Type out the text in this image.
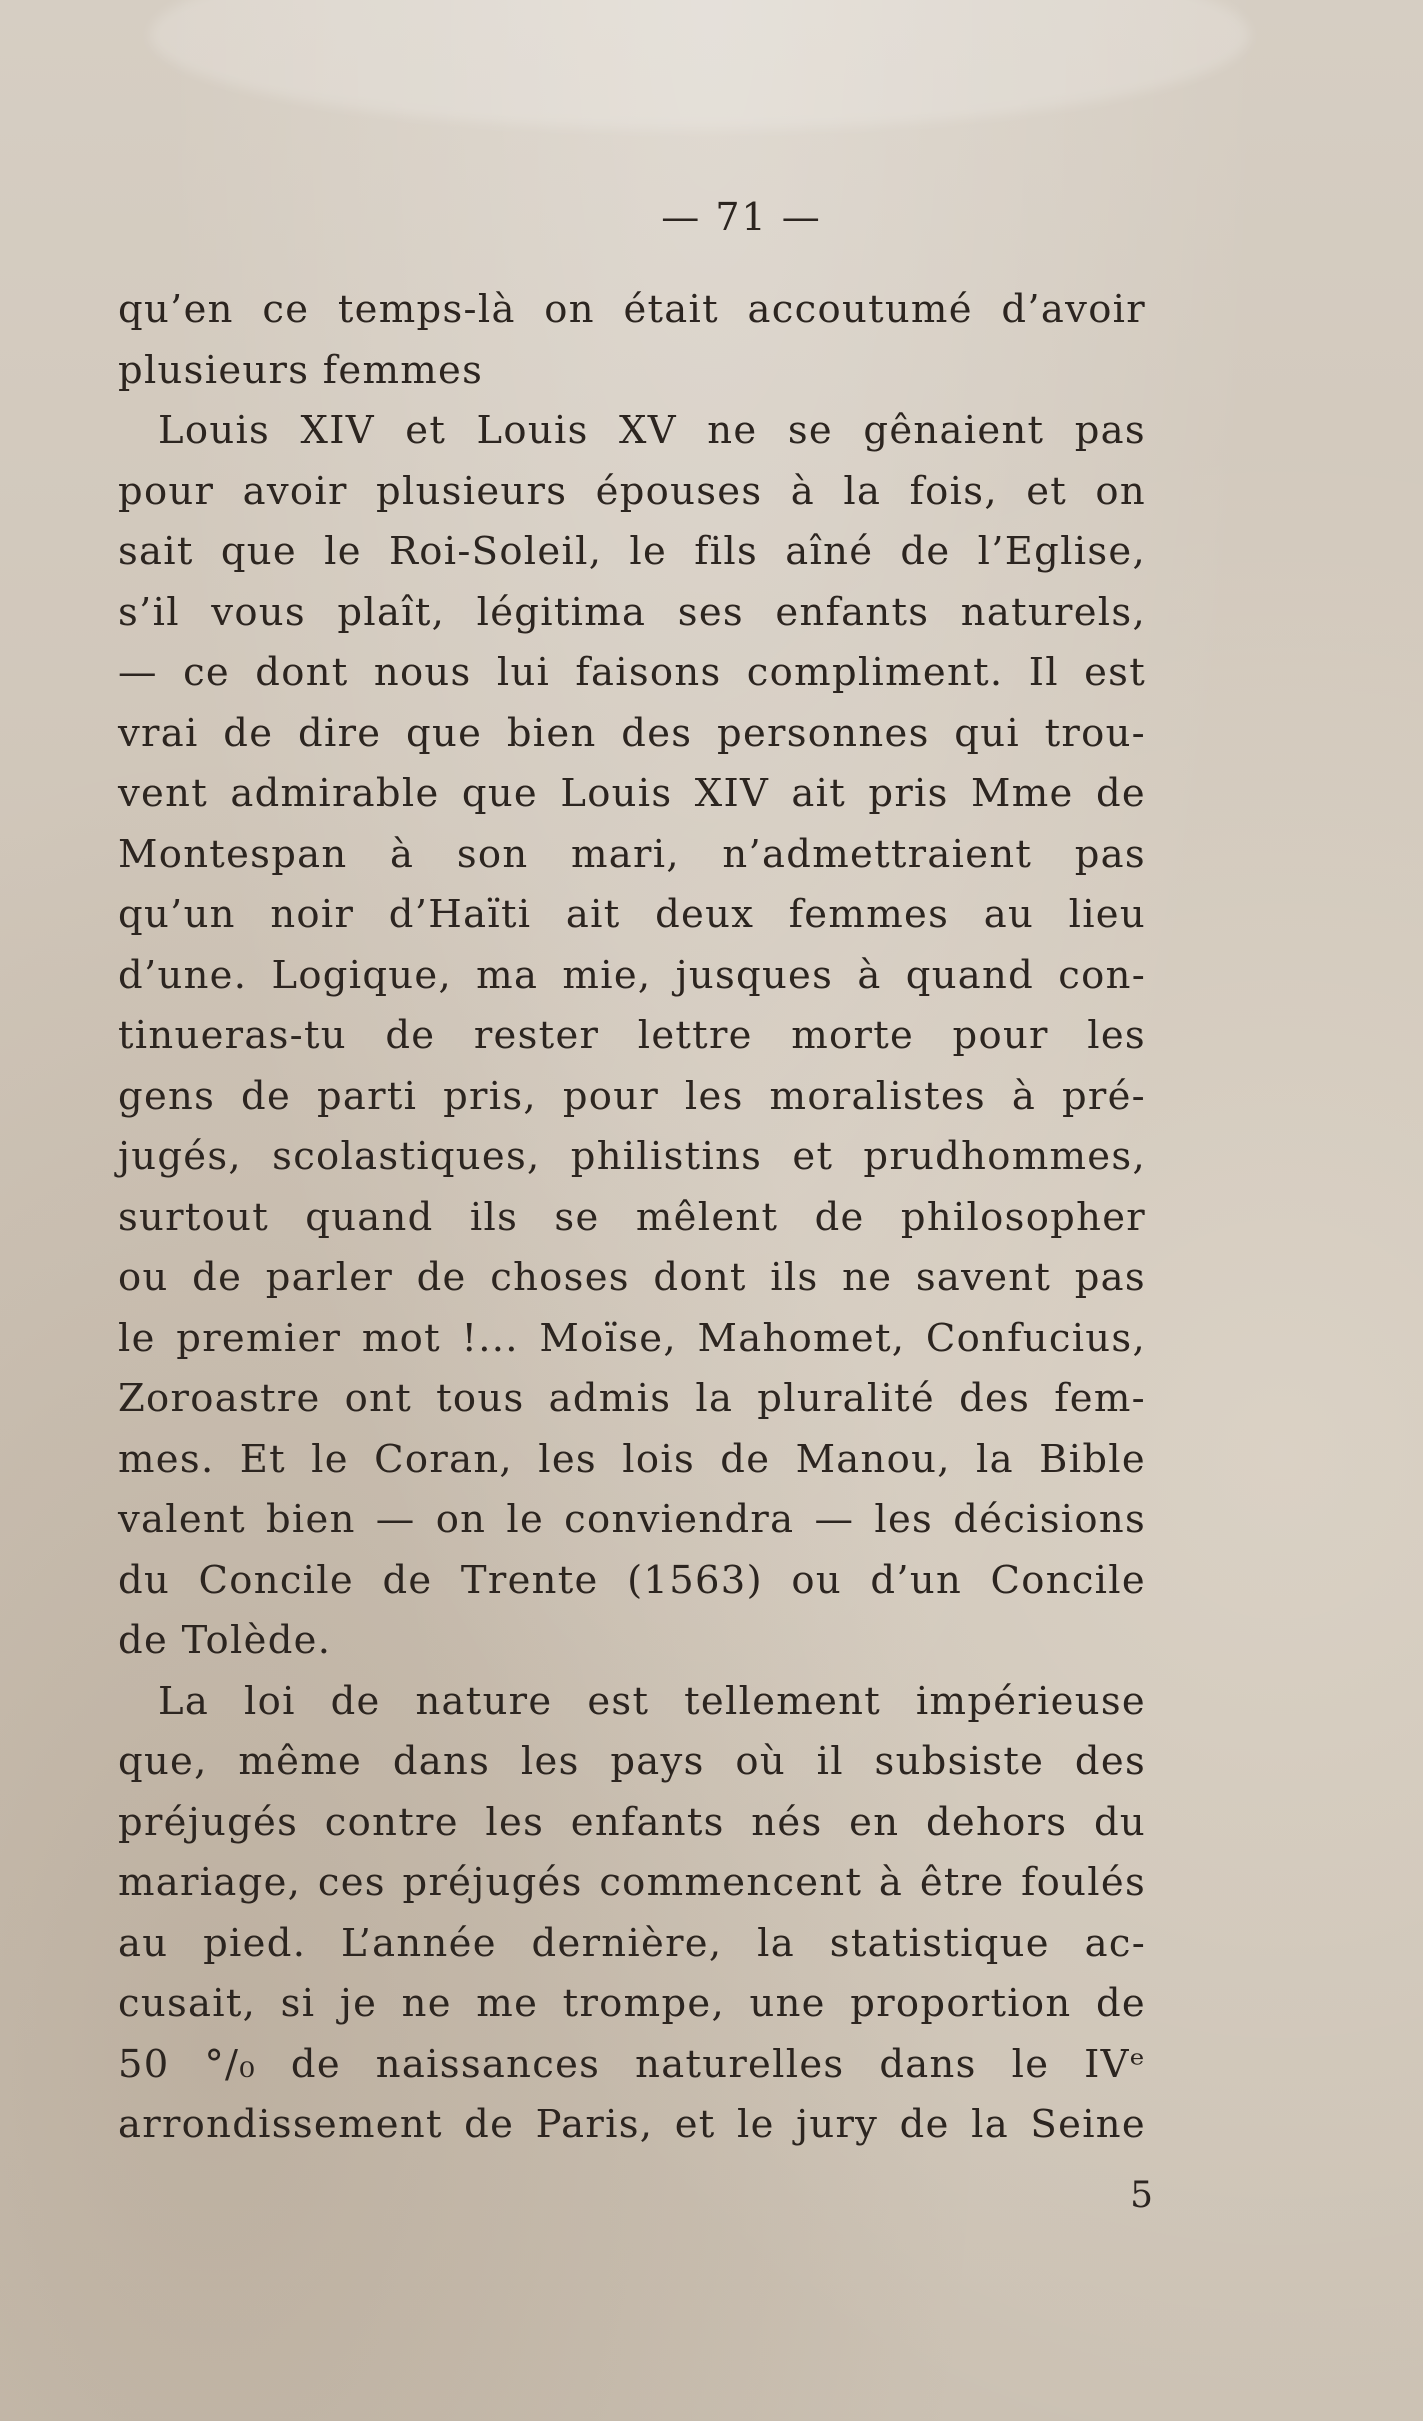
— 71 —
qu’en ce temps-là on était accoutumé d’avoir
plusieurs femmes
Louis XIV et Louis XV ne se gênaient pas
pour avoir plusieurs épouses à la fois, et on
sait que le Roi-Soleil, le fils aîné de l’Eglise,
s’il vous plaît, légitima ses enfants naturels,
— ce dont nous lui faisons compliment. Il est
vrai de dire que bien des personnes qui trou-
vent admirable que Louis XIV ait pris Mme de
Montespan à son mari, n’admettraient pas
qu’un noir d’Haïti ait deux femmes au lieu
d’une. Logique, ma mie, jusques à quand con-
tinueras-tu de rester lettre morte pour les
gens de parti pris, pour les moralistes à pré-
jugés, scolastiques, philistins et prudhommes,
surtout quand ils se mêlent de philosopher
ou de parler de choses dont ils ne savent pas
le premier mot !... Moïse, Mahomet, Confucius,
Zoroastre ont tous admis la pluralité des fem-
mes. Et le Coran, les lois de Manou, la Bible
valent bien — on le conviendra — les décisions
du Concile de Trente (1563) ou d’un Concile
de Tolède.
La loi de nature est tellement impérieuse
que, même dans les pays où il subsiste des
préjugés contre les enfants nés en dehors du
mariage, ces préjugés commencent à être foulés
au pied. L’année dernière, la statistique ac-
cusait, si je ne me trompe, une proportion de
50 °/₀ de naissances naturelles dans le IVᵉ
arrondissement de Paris, et le jury de la Seine
5
